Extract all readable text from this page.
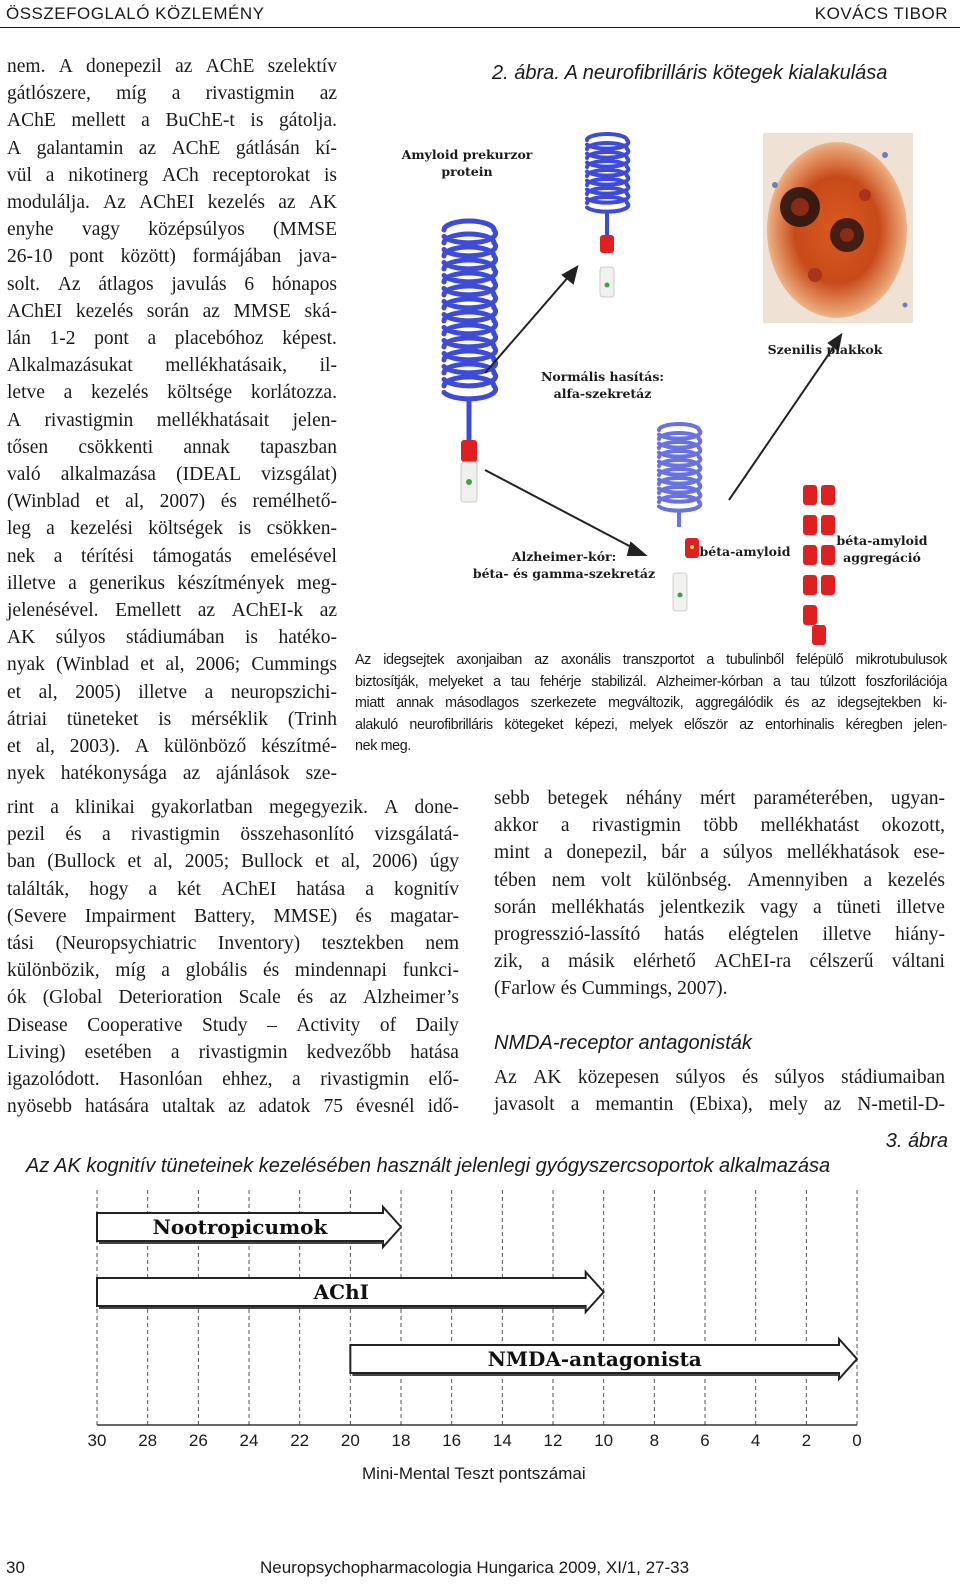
ÖSSZEFOGLALÓ KÖZLEMÉNY	KOVÁCS TIBOR
nem. A donepezil az AChE szelektív
gátlószere, míg a rivastigmin az
AChE mellett a BuChE-t is gátolja.
A galantamin az AChE gátlásán kí-
vül a nikotinerg ACh receptorokat is
modulálja. Az AChEI kezelés az AK
enyhe vagy középsúlyos (MMSE
26-10 pont között) formájában java-
solt. Az átlagos javulás 6 hónapos
AChEI kezelés során az MMSE ská-
lán 1-2 pont a placebóhoz képest.
Alkalmazásukat mellékhatásaik, il-
letve a kezelés költsége korlátozza.
A rivastigmin mellékhatásait jelen-
tősen csökkenti annak tapaszban
való alkalmazása (IDEAL vizsgálat)
(Winblad et al, 2007) és remélhető-
leg a kezelési költségek is csökken-
nek a térítési támogatás emelésével
illetve a generikus készítmények meg-
jelenésével. Emellett az AChEI-k az
AK súlyos stádiumában is hatéko-
nyak (Winblad et al, 2006; Cummings
et al, 2005) illetve a neuropszichi-
átriai tüneteket is mérséklik (Trinh
et al, 2003). A különböző készítmé-
nyek hatékonysága az ajánlások sze-
rint a klinikai gyakorlatban megegyezik. A done-
pezil és a rivastigmin összehasonlító vizsgálatá-
ban (Bullock et al, 2005; Bullock et al, 2006) úgy
találták, hogy a két AChEI hatása a kognitív
(Severe Impairment Battery, MMSE) és magatar-
tási (Neuropsychiatric Inventory) tesztekben nem
különbözik, míg a globális és mindennapi funkci-
ók (Global Deterioration Scale és az Alzheimer’s
Disease Cooperative Study – Activity of Daily
Living) esetében a rivastigmin kedvezőbb hatása
igazolódott. Hasonlóan ehhez, a rivastigmin elő-
nyösebb hatására utaltak az adatok 75 évesnél idő-
sebb betegek néhány mért paraméterében, ugyan-
akkor a rivastigmin több mellékhatást okozott,
mint a donepezil, bár a súlyos mellékhatások ese-
tében nem volt különbség. Amennyiben a kezelés
során mellékhatás jelentkezik vagy a tüneti illetve
progresszió-lassító hatás elégtelen illetve hiány-
zik, a másik elérhető AChEI-ra célszerű váltani
(Farlow és Cummings, 2007).
NMDA-receptor antagonisták
Az AK közepesen súlyos és súlyos stádiumaiban
javasolt a memantin (Ebixa), mely az N-metil-D-
2. ábra. A neurofibrilláris kötegek kialakulása
Amyloid prekurzor
protein
Normális hasítás:
alfa-szekretáz
Szenilis plakkok
Alzheimer-kór:
béta- és gamma-szekretáz
béta-amyloid
béta-amyloid
aggregáció
Az idegsejtek axonjaiban az axonális transzportot a tubulinből felépülő mikrotubulusok
biztosítják, melyeket a tau fehérje stabilizál. Alzheimer-kórban a tau túlzott foszforilációja
miatt annak másodlagos szerkezete megváltozik, aggregálódik és az idegsejtekben ki-
alakuló neurofibrilláris kötegeket képezi, melyek először az entorhinalis kéregben jelen-
nek meg.
3. ábra
Az AK kognitív tüneteinek kezelésében használt jelenlegi gyógyszercsoportok alkalmazása
Nootropicumok
AChI
NMDA-antagonista
30 28 26 24 22 20 18 16 14 12 10 8 6 4 2 0
Mini-Mental Teszt pontszámai
30	Neuropsychopharmacologia Hungarica 2009, XI/1, 27-33
